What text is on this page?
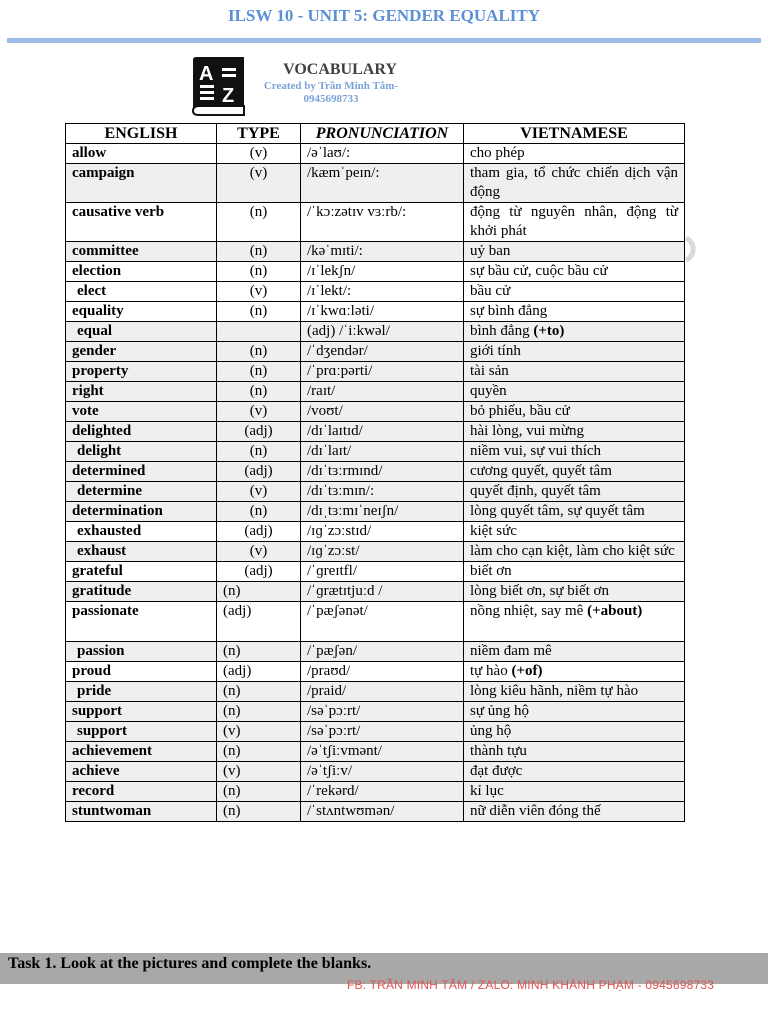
ILSW 10 - UNIT 5: GENDER EQUALITY
A
Z
VOCABULARY
Created by Trần Minh Tâm-0945698733
ENGLISH	TYPE	PRONUNCIATION	VIETNAMESE
allow	(v)	/əˈlaʊ/:	cho phép
campaign	(v)	/kæmˈpeɪn/:	tham gia, tổ chức chiến dịch vận động
causative verb	(n)	/ˈkɔːzətɪv vɜːrb/:	động từ nguyên nhân, động từ khởi phát
committee	(n)	/kəˈmɪti/:	uỷ ban
election	(n)	/ɪˈlekʃn/	sự bầu cử, cuộc bầu cử
elect	(v)	/ɪˈlekt/:	bầu cử
equality	(n)	/ɪˈkwɑːləti/	sự bình đẳng
equal		(adj) /ˈiːkwəl/	bình đẳng (+to)
gender	(n)	/ˈdʒendər/	giới tính
property	(n)	/ˈprɑːpərti/	tài sản
right	(n)	/raɪt/	quyền
vote	(v)	/voʊt/	bỏ phiếu, bầu cử
delighted	(adj)	/dɪˈlaɪtɪd/	hài lòng, vui mừng
delight	(n)	/dɪˈlaɪt/	niềm vui, sự vui thích
determined	(adj)	/dɪˈtɜːrmɪnd/	cương quyết, quyết tâm
determine	(v)	/dɪˈtɜːmɪn/:	quyết định, quyết tâm
determination	(n)	/dɪˌtɜːmɪˈneɪʃn/	lòng quyết tâm, sự quyết tâm
exhausted	(adj)	/ɪɡˈzɔːstɪd/	kiệt sức
exhaust	(v)	/ɪɡˈzɔːst/	làm cho cạn kiệt, làm cho kiệt sức
grateful	(adj)	/ˈɡreɪtfl/	biết ơn
gratitude	(n)	/ˈɡrætɪtjuːd /	lòng biết ơn, sự biết ơn
passionate	(adj)	/ˈpæʃənət/	nồng nhiệt, say mê (+about)
passion	(n)	/ˈpæʃən/	niềm đam mê
proud	(adj)	/praʊd/	tự hào (+of)
pride	(n)	/praid/	lòng kiêu hãnh, niềm tự hào
support	(n)	/səˈpɔːrt/	sự ủng hộ
support	(v)	/səˈpɔːrt/	ủng hộ
achievement	(n)	/əˈtʃiːvmənt/	thành tựu
achieve	(v)	/əˈtʃiːv/	đạt được
record	(n)	/ˈrekərd/	kỉ lục
stuntwoman	(n)	/ˈstʌntwʊmən/	nữ diễn viên đóng thế
Task 1. Look at the pictures and complete the blanks.
FB: TRẦN MINH TÂM / ZALO: MINH KHÁNH PHẠM - 0945698733
